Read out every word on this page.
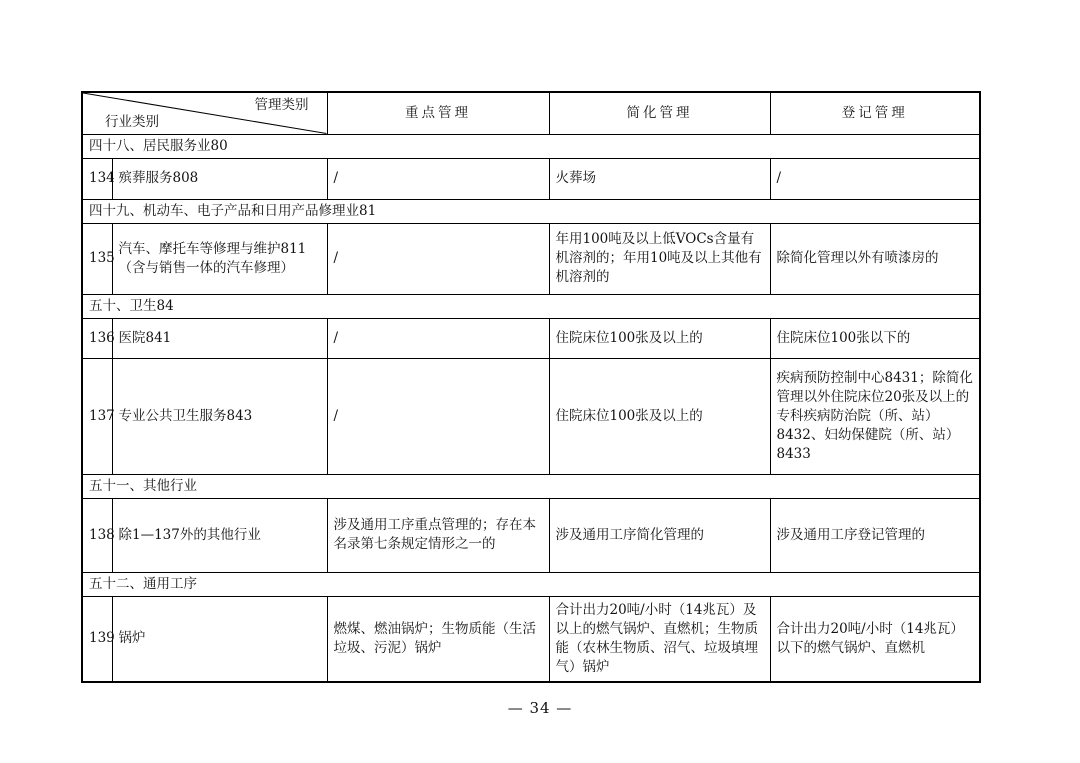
管理类别
行业类别		重点管理	简化管理	登记管理
四十八、居民服务业80				
134	殡葬服务808	/	火葬场	/
四十九、机动车、电子产品和日用产品修理业81				
135	汽车、摩托车等修理与维护811（含与销售一体的汽车修理）	/	年用100吨及以上低VOCs含量有机溶剂的；年用10吨及以上其他有机溶剂的	除简化管理以外有喷漆房的
五十、卫生84				
136	医院841	/	住院床位100张及以上的	住院床位100张以下的
137	专业公共卫生服务843	/	住院床位100张及以上的	疾病预防控制中心8431；除简化管理以外住院床位20张及以上的专科疾病防治院（所、站）8432、妇幼保健院（所、站）8433
五十一、其他行业				
138	除1—137外的其他行业	涉及通用工序重点管理的；存在本名录第七条规定情形之一的	涉及通用工序简化管理的	涉及通用工序登记管理的
五十二、通用工序				
139	锅炉	燃煤、燃油锅炉；生物质能（生活垃圾、污泥）锅炉	合计出力20吨/小时（14兆瓦）及以上的燃气锅炉、直燃机；生物质能（农林生物质、沼气、垃圾填埋气）锅炉	合计出力20吨/小时（14兆瓦）以下的燃气锅炉、直燃机
— 34 —
